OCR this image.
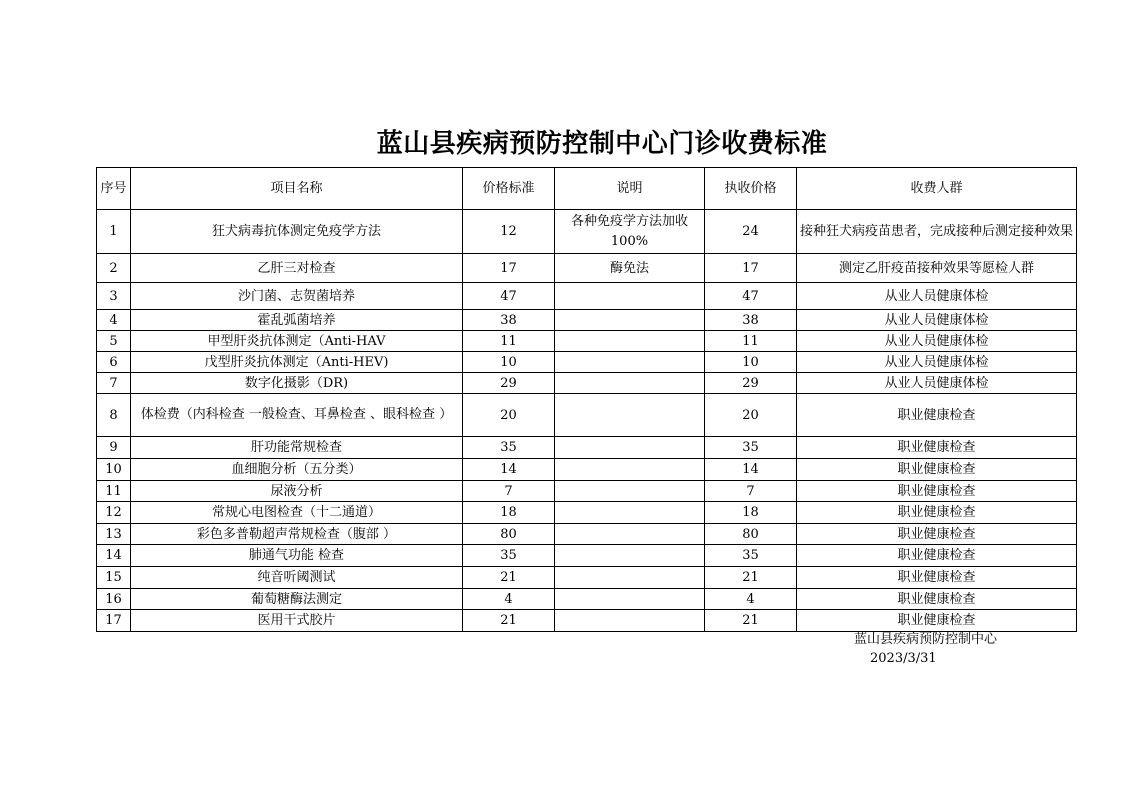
蓝山县疾病预防控制中心门诊收费标准
序号	项目名称	价格标准	说明	执收价格	收费人群
1	狂犬病毒抗体测定免疫学方法	12	各种免疫学方法加收100%	24	接种狂犬病疫苗患者，完成接种后测定接种效果
2	乙肝三对检查	17	酶免法	17	测定乙肝疫苗接种效果等愿检人群
3	沙门菌、志贺菌培养	47		47	从业人员健康体检
4	霍乱弧菌培养	38		38	从业人员健康体检
5	甲型肝炎抗体测定（Anti-HAV	11		11	从业人员健康体检
6	戊型肝炎抗体测定（Anti-HEV)	10		10	从业人员健康体检
7	数字化摄影（DR)	29		29	从业人员健康体检
8	体检费（内科检查 一般检查、耳鼻检查 、眼科检查 ）	20		20	职业健康检查
9	肝功能常规检查	35		35	职业健康检查
10	血细胞分析（五分类）	14		14	职业健康检查
11	尿液分析	7		7	职业健康检查
12	常规心电图检查（十二通道）	18		18	职业健康检查
13	彩色多普勒超声常规检查（腹部 ）	80		80	职业健康检查
14	肺通气功能 检查	35		35	职业健康检查
15	纯音听阈测试	21		21	职业健康检查
16	葡萄糖酶法测定	4		4	职业健康检查
17	医用干式胶片	21		21	职业健康检查
蓝山县疾病预防控制中心
2023/3/31
